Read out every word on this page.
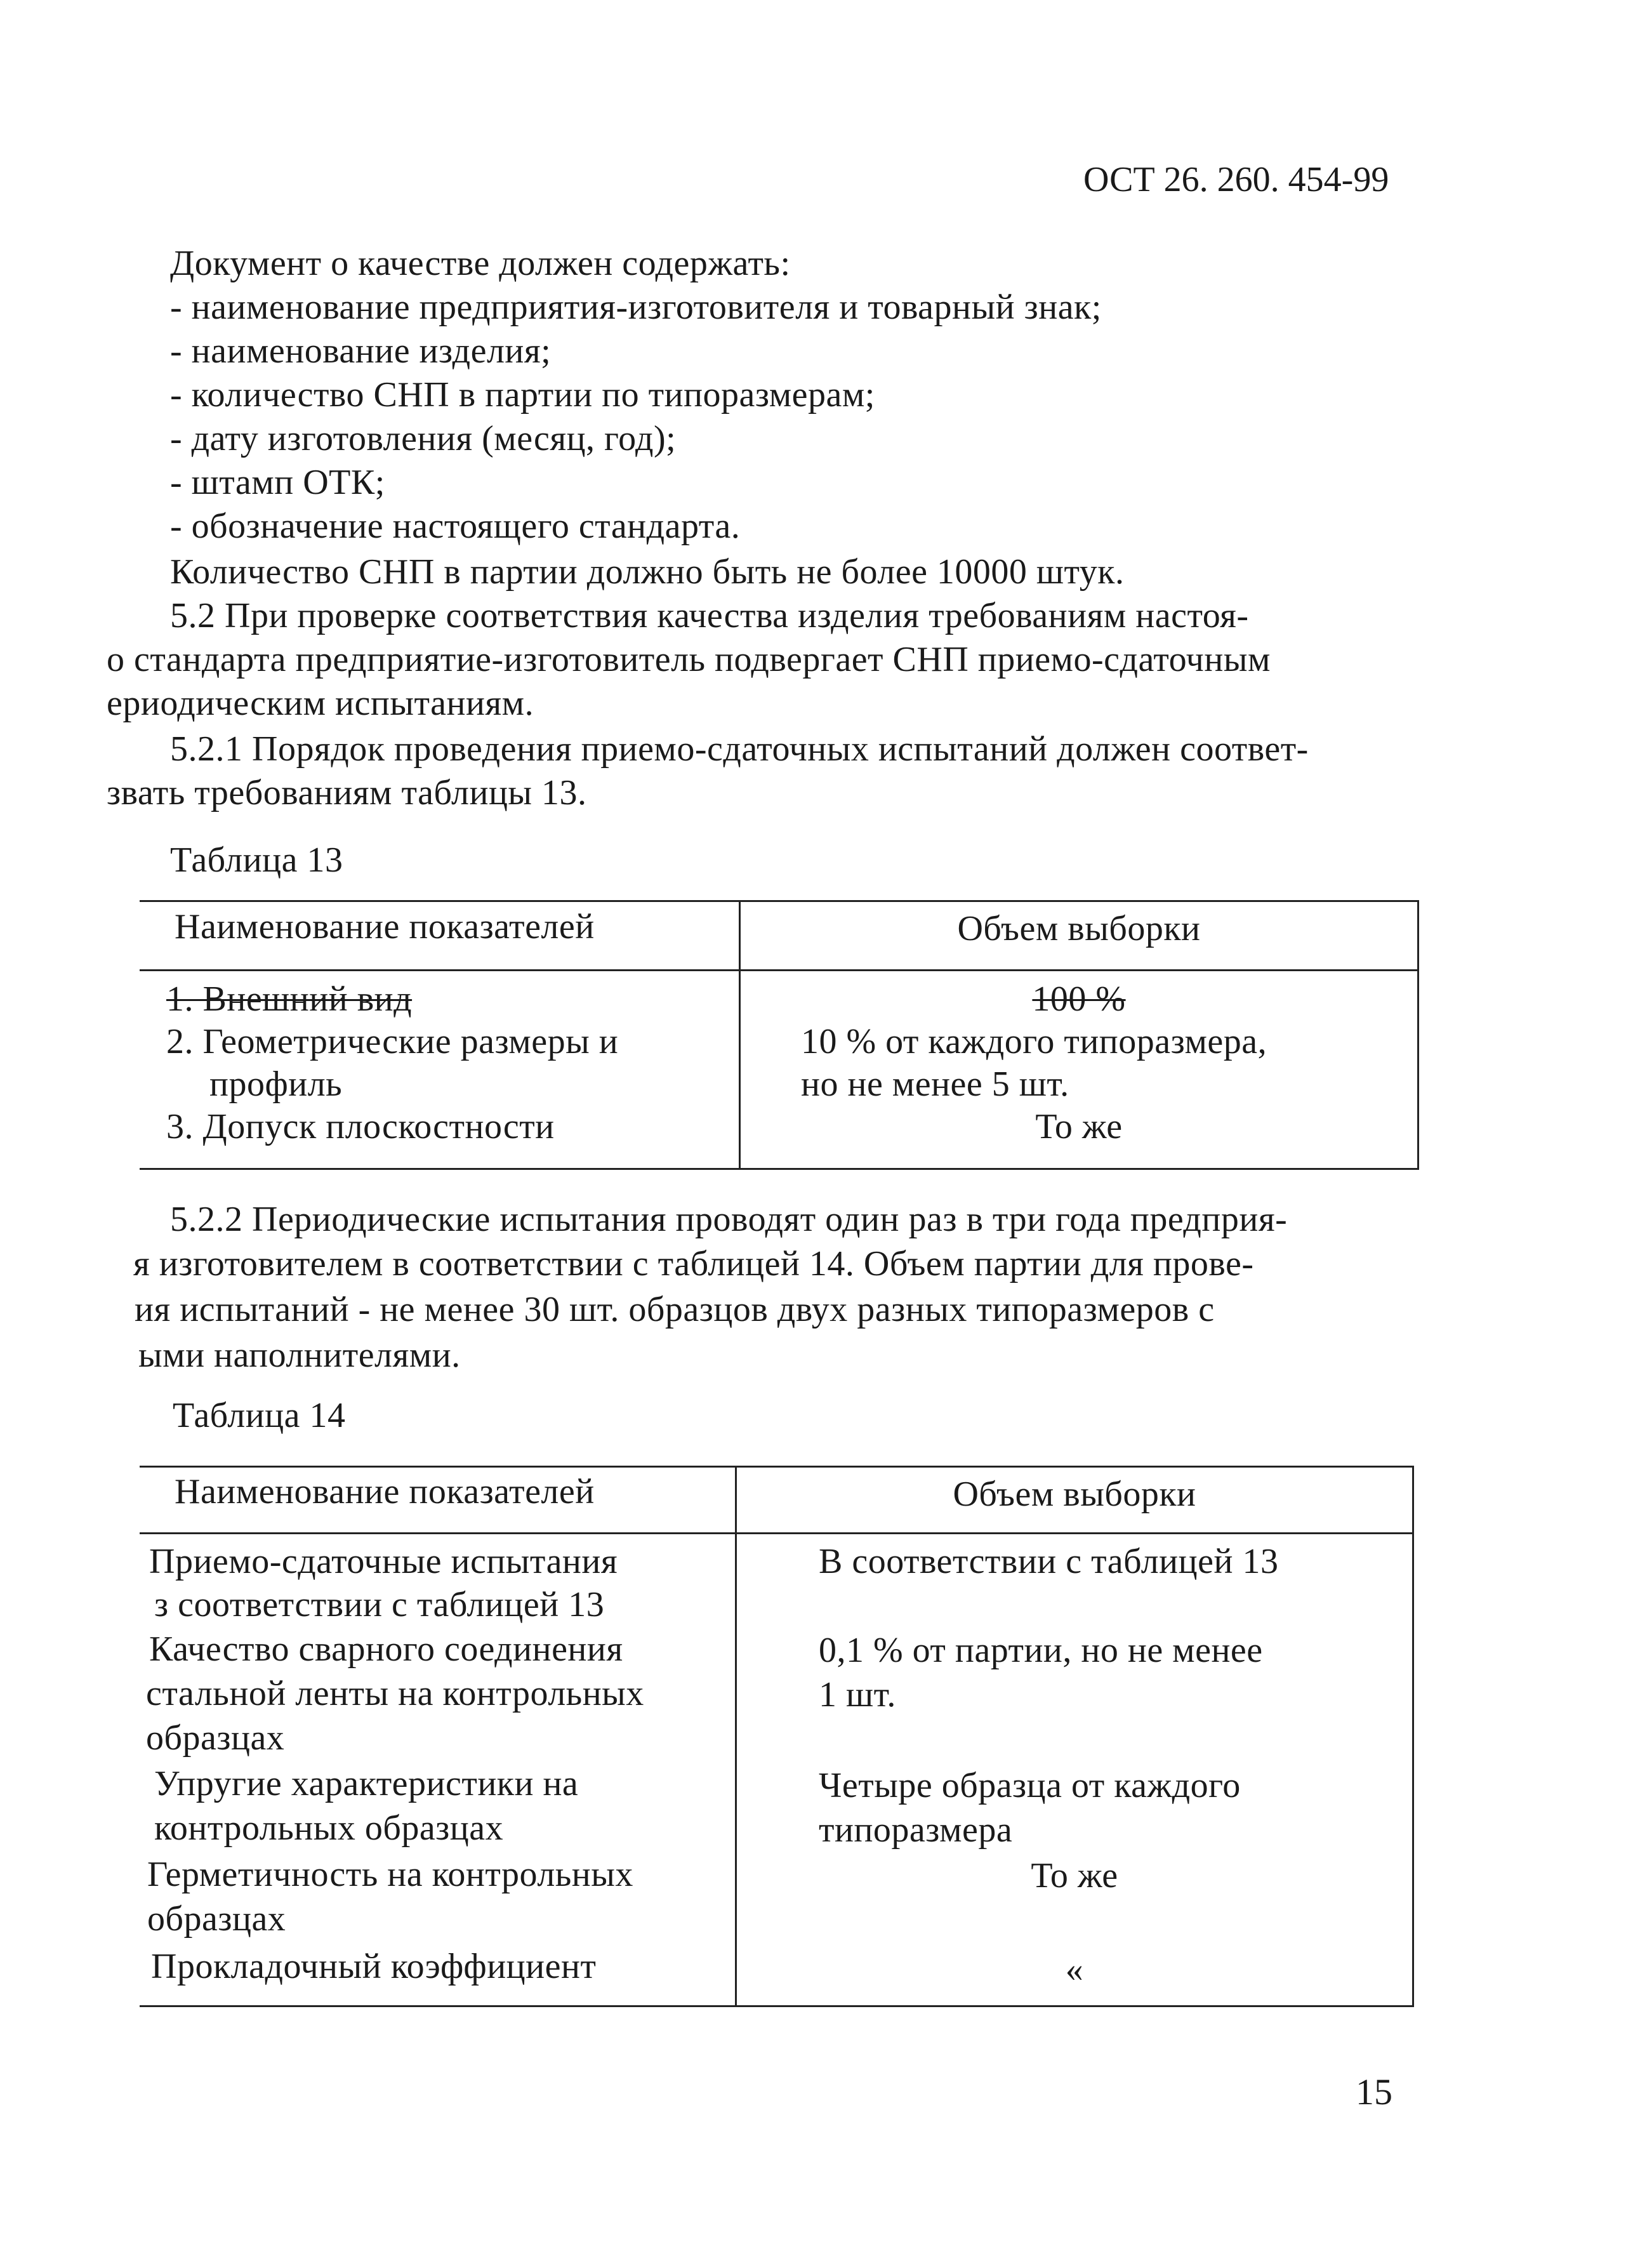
ОСТ 26. 260. 454-99
Документ о качестве должен содержать:
- наименование предприятия-изготовителя и товарный знак;
- наименование изделия;
- количество СНП в партии по типоразмерам;
- дату изготовления (месяц, год);
- штамп ОТК;
- обозначение настоящего стандарта.
Количество СНП в партии должно быть не более 10000 штук.
5.2 При проверке соответствия качества изделия требованиям настоя-
о стандарта предприятие-изготовитель подвергает СНП приемо-сдаточным
ериодическим испытаниям.
5.2.1 Порядок проведения приемо-сдаточных испытаний должен соответ-
звать требованиям таблицы 13.
Таблица 13
Наименование показателей	Объем выборки
1. Внешний вид
2. Геометрические размеры и
профиль
3. Допуск плоскостности
100 %
10 % от каждого типоразмера,
но не менее 5 шт.
То же
5.2.2 Периодические испытания проводят один раз в три года предприя-
я изготовителем в соответствии с таблицей 14. Объем партии для прове-
ия испытаний - не менее 30 шт. образцов двух разных типоразмеров с
ыми наполнителями.
Таблица 14
Наименование показателей	Объем выборки
Приемо-сдаточные испытания
з соответствии с таблицей 13
Качество сварного соединения
стальной ленты на контрольных
образцах
Упругие характеристики на
контрольных образцах
Герметичность на контрольных
образцах
Прокладочный коэффициент
В соответствии с таблицей 13
0,1 % от партии, но не менее
1 шт.
Четыре образца от каждого
типоразмера
То же
«
15
